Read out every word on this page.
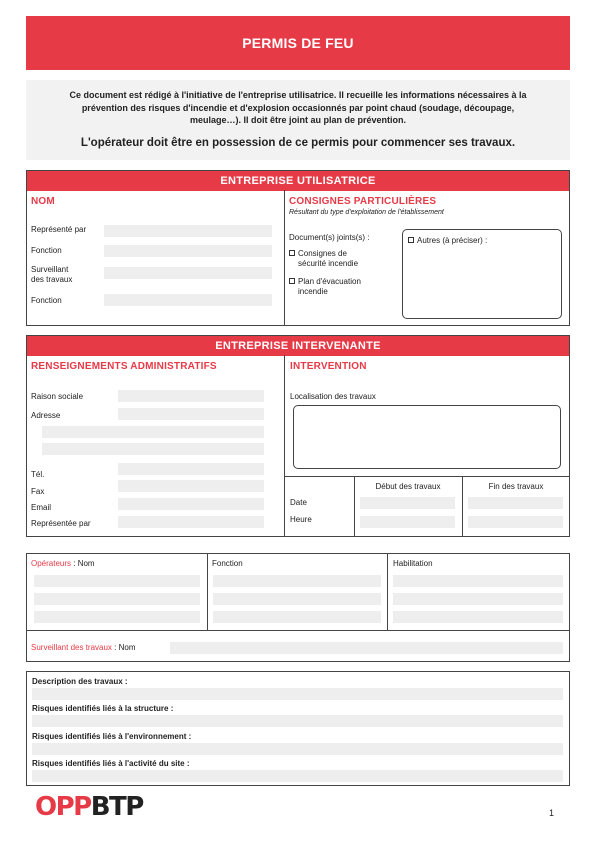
PERMIS DE FEU

Ce document est rédigé à l'initiative de l'entreprise utilisatrice. Il recueille les informations nécessaires à la prévention des risques d'incendie et d'explosion occasionnés par point chaud (soudage, découpage, meulage…). Il doit être joint au plan de prévention.

L'opérateur doit être en possession de ce permis pour commencer ses travaux.

ENTREPRISE UTILISATRICE
NOM
Représenté par
Fonction
Surveillant
des travaux
Fonction
CONSIGNES PARTICULIÈRES
Résultant du type d'exploitation de l'établissement
Document(s) joints(s) :
Consignes de
sécurité incendie
Plan d'évacuation
incendie
Autres (à préciser) :
ENTREPRISE INTERVENANTE
RENSEIGNEMENTS ADMINISTRATIFS
Raison sociale
Adresse
Tél.
Fax
Email
Représentée par
INTERVENTION
Localisation des travaux
Début des travaux	Fin des travaux
Date
Heure
Opérateurs : Nom	Fonction	Habilitation
Surveillant des travaux : Nom
Description des travaux :
Risques identifiés liés à la structure :
Risques identifiés liés à l'environnement :
Risques identifiés liés à l'activité du site :
OPPBTP	1
